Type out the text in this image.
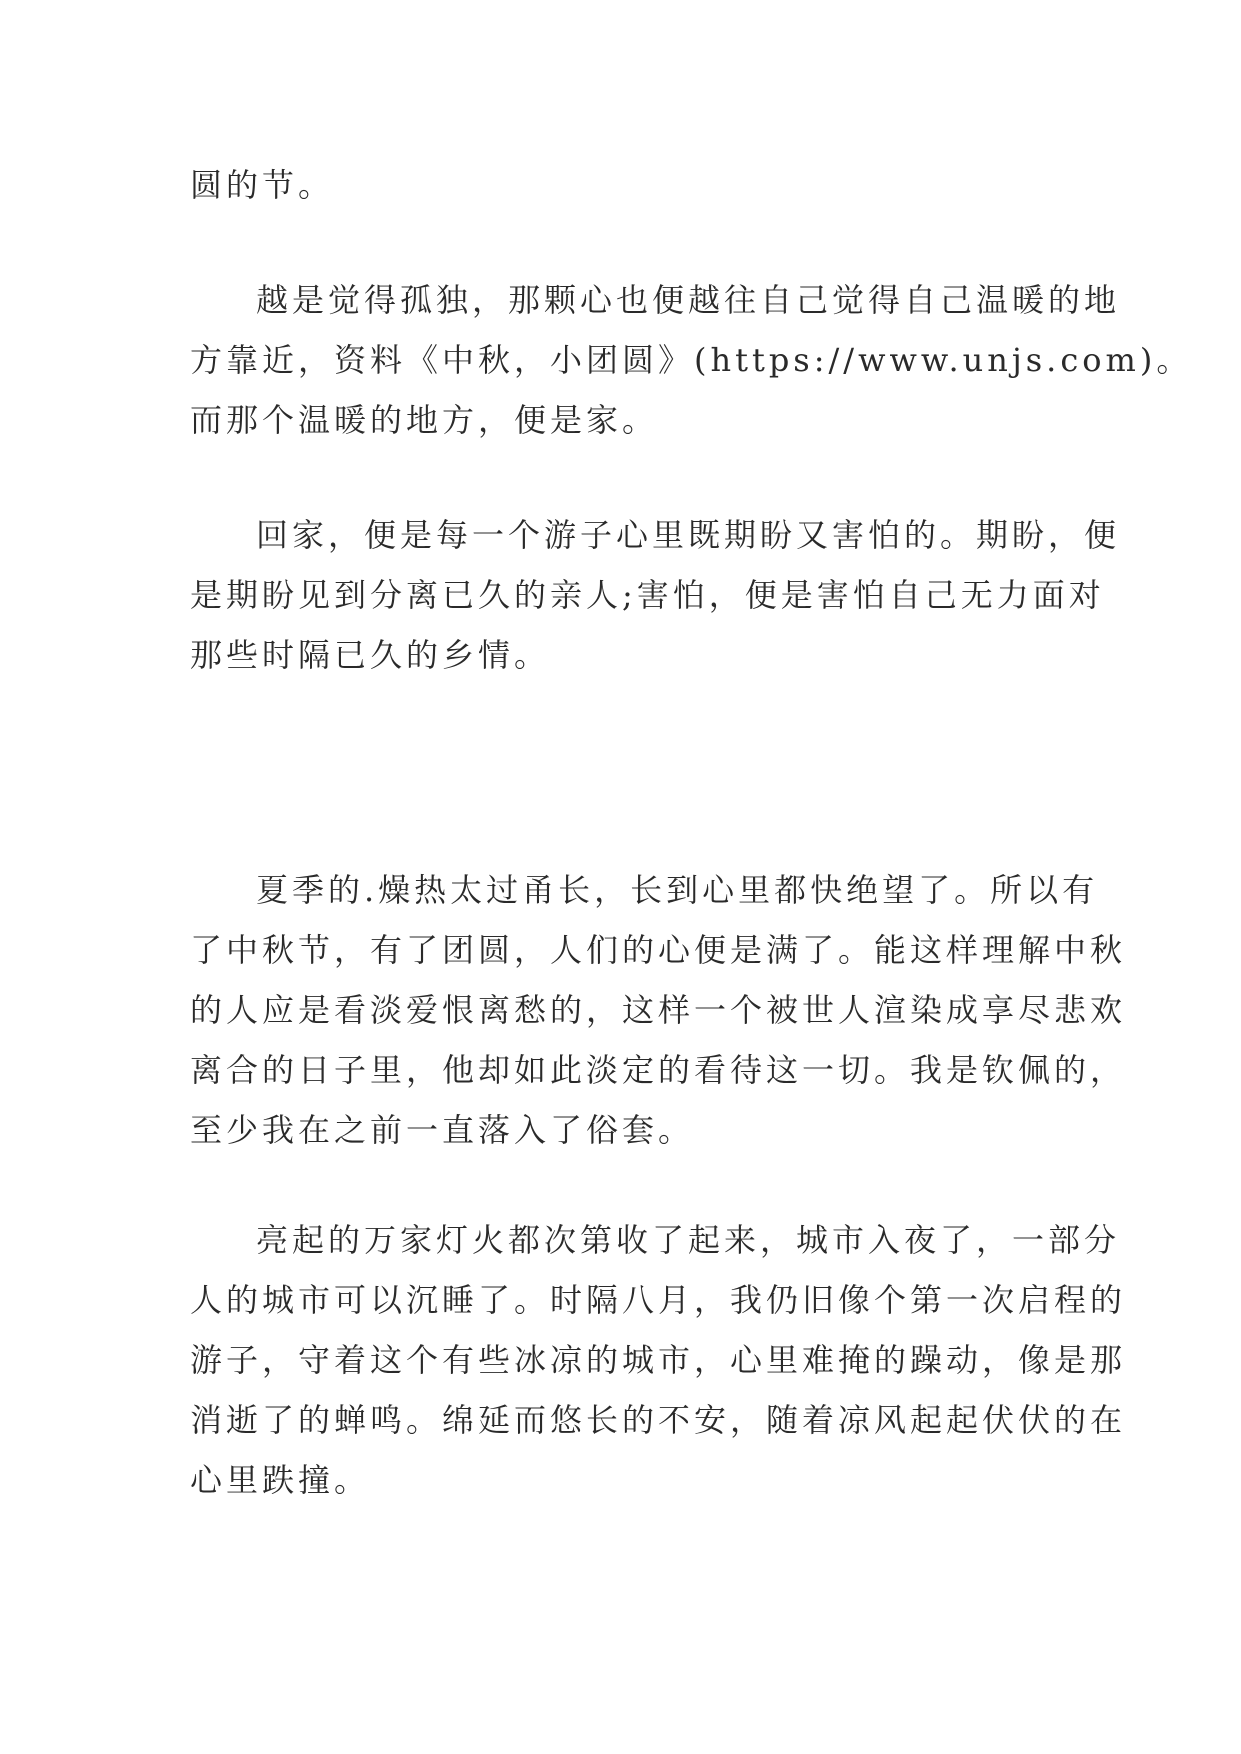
圆的节。
越是觉得孤独，那颗心也便越往自己觉得自己温暖的地
方靠近，资料《中秋，小团圆》(https://www.unjs.com)。
而那个温暖的地方，便是家。
回家，便是每一个游子心里既期盼又害怕的。期盼，便
是期盼见到分离已久的亲人;害怕，便是害怕自己无力面对
那些时隔已久的乡情。
夏季的.燥热太过甬长，长到心里都快绝望了。所以有
了中秋节，有了团圆，人们的心便是满了。能这样理解中秋
的人应是看淡爱恨离愁的，这样一个被世人渲染成享尽悲欢
离合的日子里，他却如此淡定的看待这一切。我是钦佩的，
至少我在之前一直落入了俗套。
亮起的万家灯火都次第收了起来，城市入夜了，一部分
人的城市可以沉睡了。时隔八月，我仍旧像个第一次启程的
游子，守着这个有些冰凉的城市，心里难掩的躁动，像是那
消逝了的蝉鸣。绵延而悠长的不安，随着凉风起起伏伏的在
心里跌撞。
